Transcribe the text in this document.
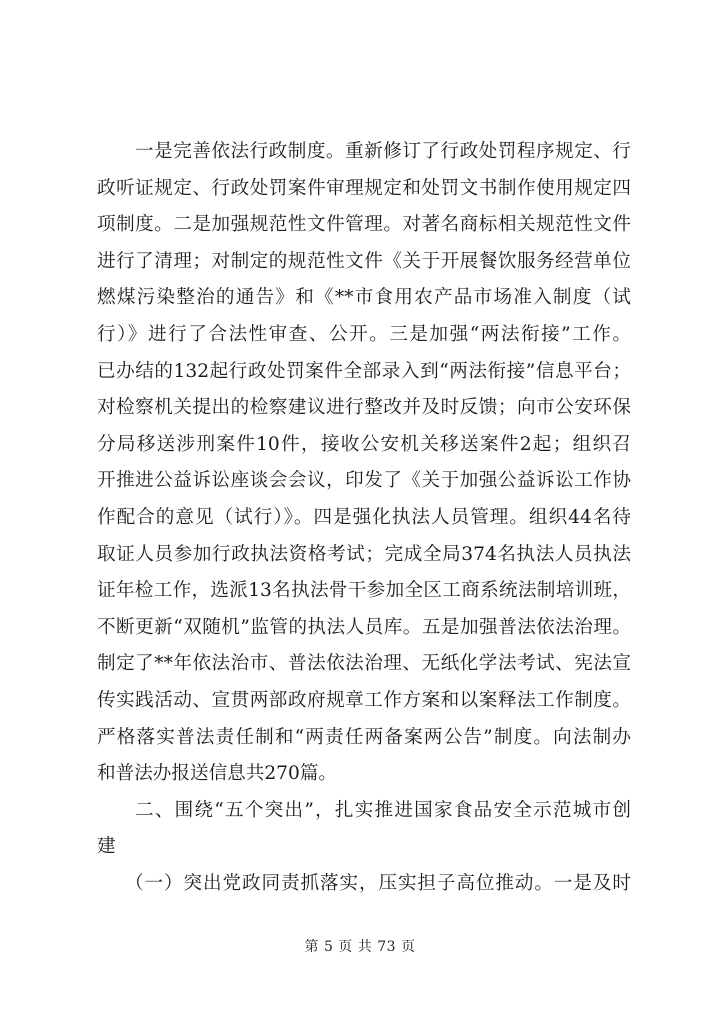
一是完善依法行政制度。重新修订了行政处罚程序规定、行
政听证规定、行政处罚案件审理规定和处罚文书制作使用规定四
项制度。二是加强规范性文件管理。对著名商标相关规范性文件
进行了清理；对制定的规范性文件《关于开展餐饮服务经营单位
燃煤污染整治的通告》和《**市食用农产品市场准入制度（试
行）》进行了合法性审查、公开。三是加强“两法衔接”工作。
已办结的132起行政处罚案件全部录入到“两法衔接”信息平台；
对检察机关提出的检察建议进行整改并及时反馈；向市公安环保
分局移送涉刑案件10件，接收公安机关移送案件2起；组织召
开推进公益诉讼座谈会会议，印发了《关于加强公益诉讼工作协
作配合的意见（试行）》。四是强化执法人员管理。组织44名待
取证人员参加行政执法资格考试；完成全局374名执法人员执法
证年检工作，选派13名执法骨干参加全区工商系统法制培训班，
不断更新“双随机”监管的执法人员库。五是加强普法依法治理。
制定了**年依法治市、普法依法治理、无纸化学法考试、宪法宣
传实践活动、宣贯两部政府规章工作方案和以案释法工作制度。
严格落实普法责任制和“两责任两备案两公告”制度。向法制办
和普法办报送信息共270篇。
二、围绕“五个突出”，扎实推进国家食品安全示范城市创
建
（一）突出党政同责抓落实，压实担子高位推动。一是及时
第 5 页 共 73 页
